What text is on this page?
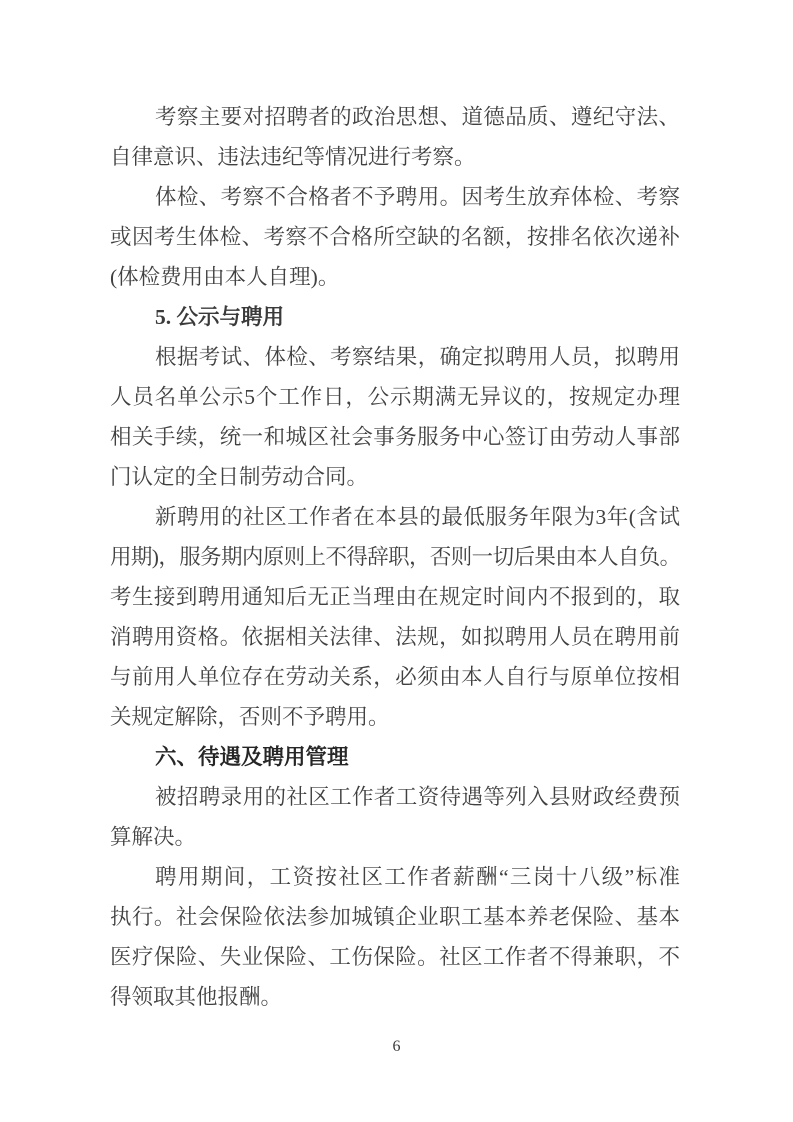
考察主要对招聘者的政治思想、道德品质、遵纪守法、
自律意识、违法违纪等情况进行考察。
体检、考察不合格者不予聘用。因考生放弃体检、考察
或因考生体检、考察不合格所空缺的名额，按排名依次递补
(体检费用由本人自理)。
5. 公示与聘用
根据考试、体检、考察结果，确定拟聘用人员，拟聘用
人员名单公示5个工作日，公示期满无异议的，按规定办理
相关手续，统一和城区社会事务服务中心签订由劳动人事部
门认定的全日制劳动合同。
新聘用的社区工作者在本县的最低服务年限为3年(含试
用期)，服务期内原则上不得辞职，否则一切后果由本人自负。
考生接到聘用通知后无正当理由在规定时间内不报到的，取
消聘用资格。依据相关法律、法规，如拟聘用人员在聘用前
与前用人单位存在劳动关系，必须由本人自行与原单位按相
关规定解除，否则不予聘用。
六、待遇及聘用管理
被招聘录用的社区工作者工资待遇等列入县财政经费预
算解决。
聘用期间，工资按社区工作者薪酬“三岗十八级”标准
执行。社会保险依法参加城镇企业职工基本养老保险、基本
医疗保险、失业保险、工伤保险。社区工作者不得兼职，不
得领取其他报酬。
6
